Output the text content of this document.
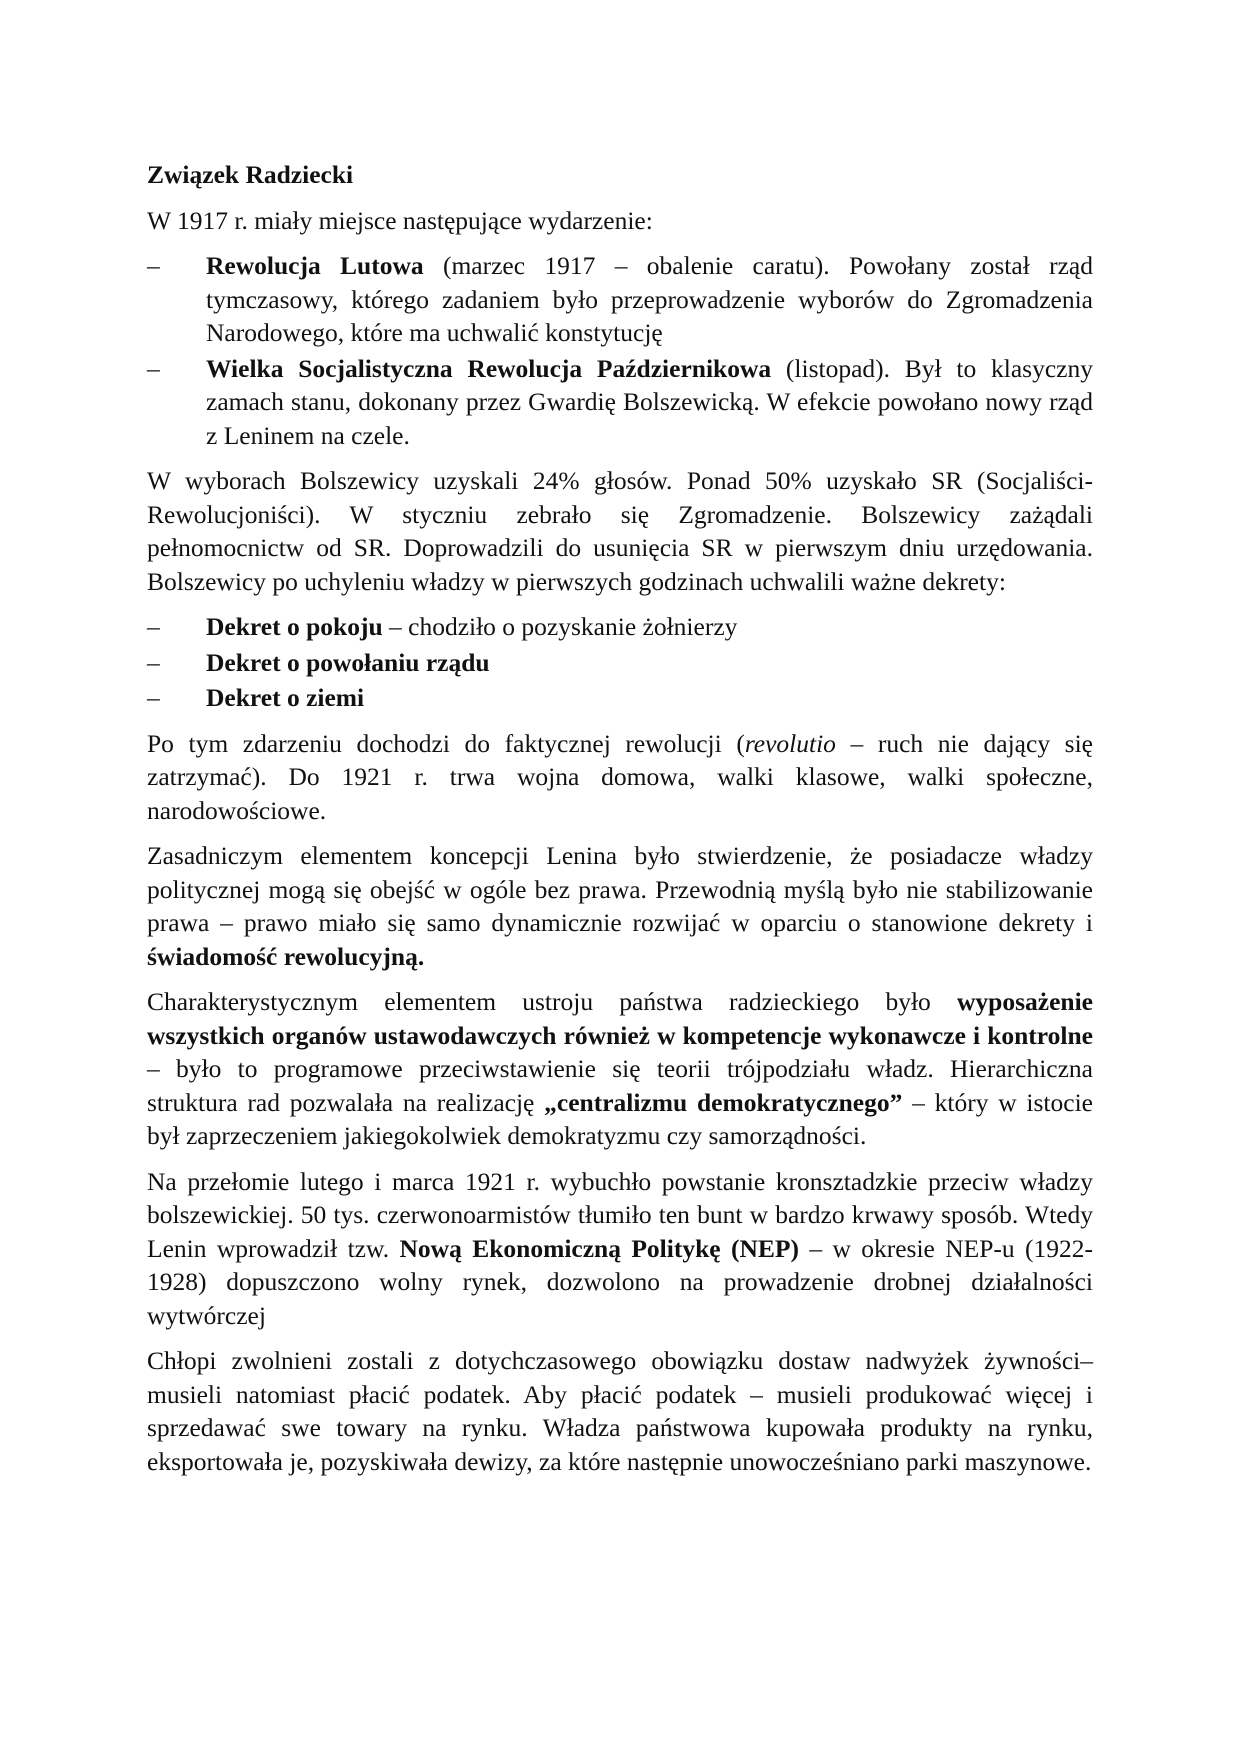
Związek Radziecki

W 1917 r. miały miejsce następujące wydarzenie:

– Rewolucja Lutowa (marzec 1917 – obalenie caratu). Powołany został rząd tymczasowy, którego zadaniem było przeprowadzenie wyborów do Zgromadzenia Narodowego, które ma uchwalić konstytucję
– Wielka Socjalistyczna Rewolucja Październikowa (listopad). Był to klasyczny zamach stanu, dokonany przez Gwardię Bolszewicką. W efekcie powołano nowy rząd z Leninem na czele.

W wyborach Bolszewicy uzyskali 24% głosów. Ponad 50% uzyskało SR (Socjaliści-Rewolucjoniści). W styczniu zebrało się Zgromadzenie. Bolszewicy zażądali pełnomocnictw od SR. Doprowadzili do usunięcia SR w pierwszym dniu urzędowania. Bolszewicy po uchyleniu władzy w pierwszych godzinach uchwalili ważne dekrety:

– Dekret o pokoju – chodziło o pozyskanie żołnierzy
– Dekret o powołaniu rządu
– Dekret o ziemi

Po tym zdarzeniu dochodzi do faktycznej rewolucji (revolutio – ruch nie dający się zatrzymać). Do 1921 r. trwa wojna domowa, walki klasowe, walki społeczne, narodowościowe.

Zasadniczym elementem koncepcji Lenina było stwierdzenie, że posiadacze władzy politycznej mogą się obejść w ogóle bez prawa. Przewodnią myślą było nie stabilizowanie prawa – prawo miało się samo dynamicznie rozwijać w oparciu o stanowione dekrety i świadomość rewolucyjną.

Charakterystycznym elementem ustroju państwa radzieckiego było wyposażenie wszystkich organów ustawodawczych również w kompetencje wykonawcze i kontrolne – było to programowe przeciwstawienie się teorii trójpodziału władz. Hierarchiczna struktura rad pozwalała na realizację „centralizmu demokratycznego” – który w istocie był zaprzeczeniem jakiegokolwiek demokratyzmu czy samorządności.

Na przełomie lutego i marca 1921 r. wybuchło powstanie kronsztadzkie przeciw władzy bolszewickiej. 50 tys. czerwonoarmistów tłumiło ten bunt w bardzo krwawy sposób. Wtedy Lenin wprowadził tzw. Nową Ekonomiczną Politykę (NEP) – w okresie NEP-u (1922-1928) dopuszczono wolny rynek, dozwolono na prowadzenie drobnej działalności wytwórczej

Chłopi zwolnieni zostali z dotychczasowego obowiązku dostaw nadwyżek żywności– musieli natomiast płacić podatek. Aby płacić podatek – musieli produkować więcej i sprzedawać swe towary na rynku. Władza państwowa kupowała produkty na rynku, eksportowała je, pozyskiwała dewizy, za które następnie unowocześniano parki maszynowe.
